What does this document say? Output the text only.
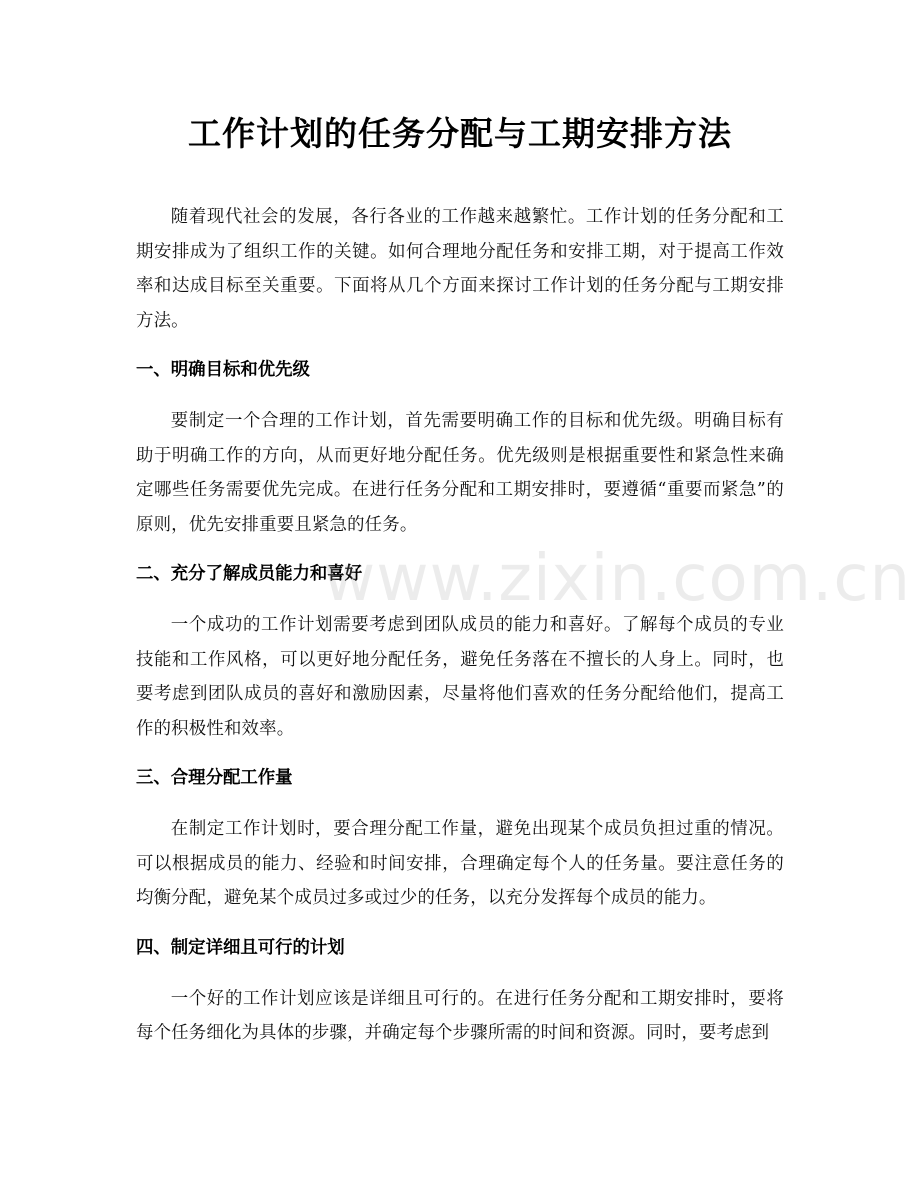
工作计划的任务分配与工期安排方法

随着现代社会的发展，各行各业的工作越来越繁忙。工作计划的任务分配和工期安排成为了组织工作的关键。如何合理地分配任务和安排工期，对于提高工作效率和达成目标至关重要。下面将从几个方面来探讨工作计划的任务分配与工期安排方法。

一、明确目标和优先级

要制定一个合理的工作计划，首先需要明确工作的目标和优先级。明确目标有助于明确工作的方向，从而更好地分配任务。优先级则是根据重要性和紧急性来确定哪些任务需要优先完成。在进行任务分配和工期安排时，要遵循“重要而紧急”的原则，优先安排重要且紧急的任务。

二、充分了解成员能力和喜好

一个成功的工作计划需要考虑到团队成员的能力和喜好。了解每个成员的专业技能和工作风格，可以更好地分配任务，避免任务落在不擅长的人身上。同时，也要考虑到团队成员的喜好和激励因素，尽量将他们喜欢的任务分配给他们，提高工作的积极性和效率。

三、合理分配工作量

在制定工作计划时，要合理分配工作量，避免出现某个成员负担过重的情况。可以根据成员的能力、经验和时间安排，合理确定每个人的任务量。要注意任务的均衡分配，避免某个成员过多或过少的任务，以充分发挥每个成员的能力。

四、制定详细且可行的计划

一个好的工作计划应该是详细且可行的。在进行任务分配和工期安排时，要将每个任务细化为具体的步骤，并确定每个步骤所需的时间和资源。同时，要考虑到

www.zixin.com.cn
